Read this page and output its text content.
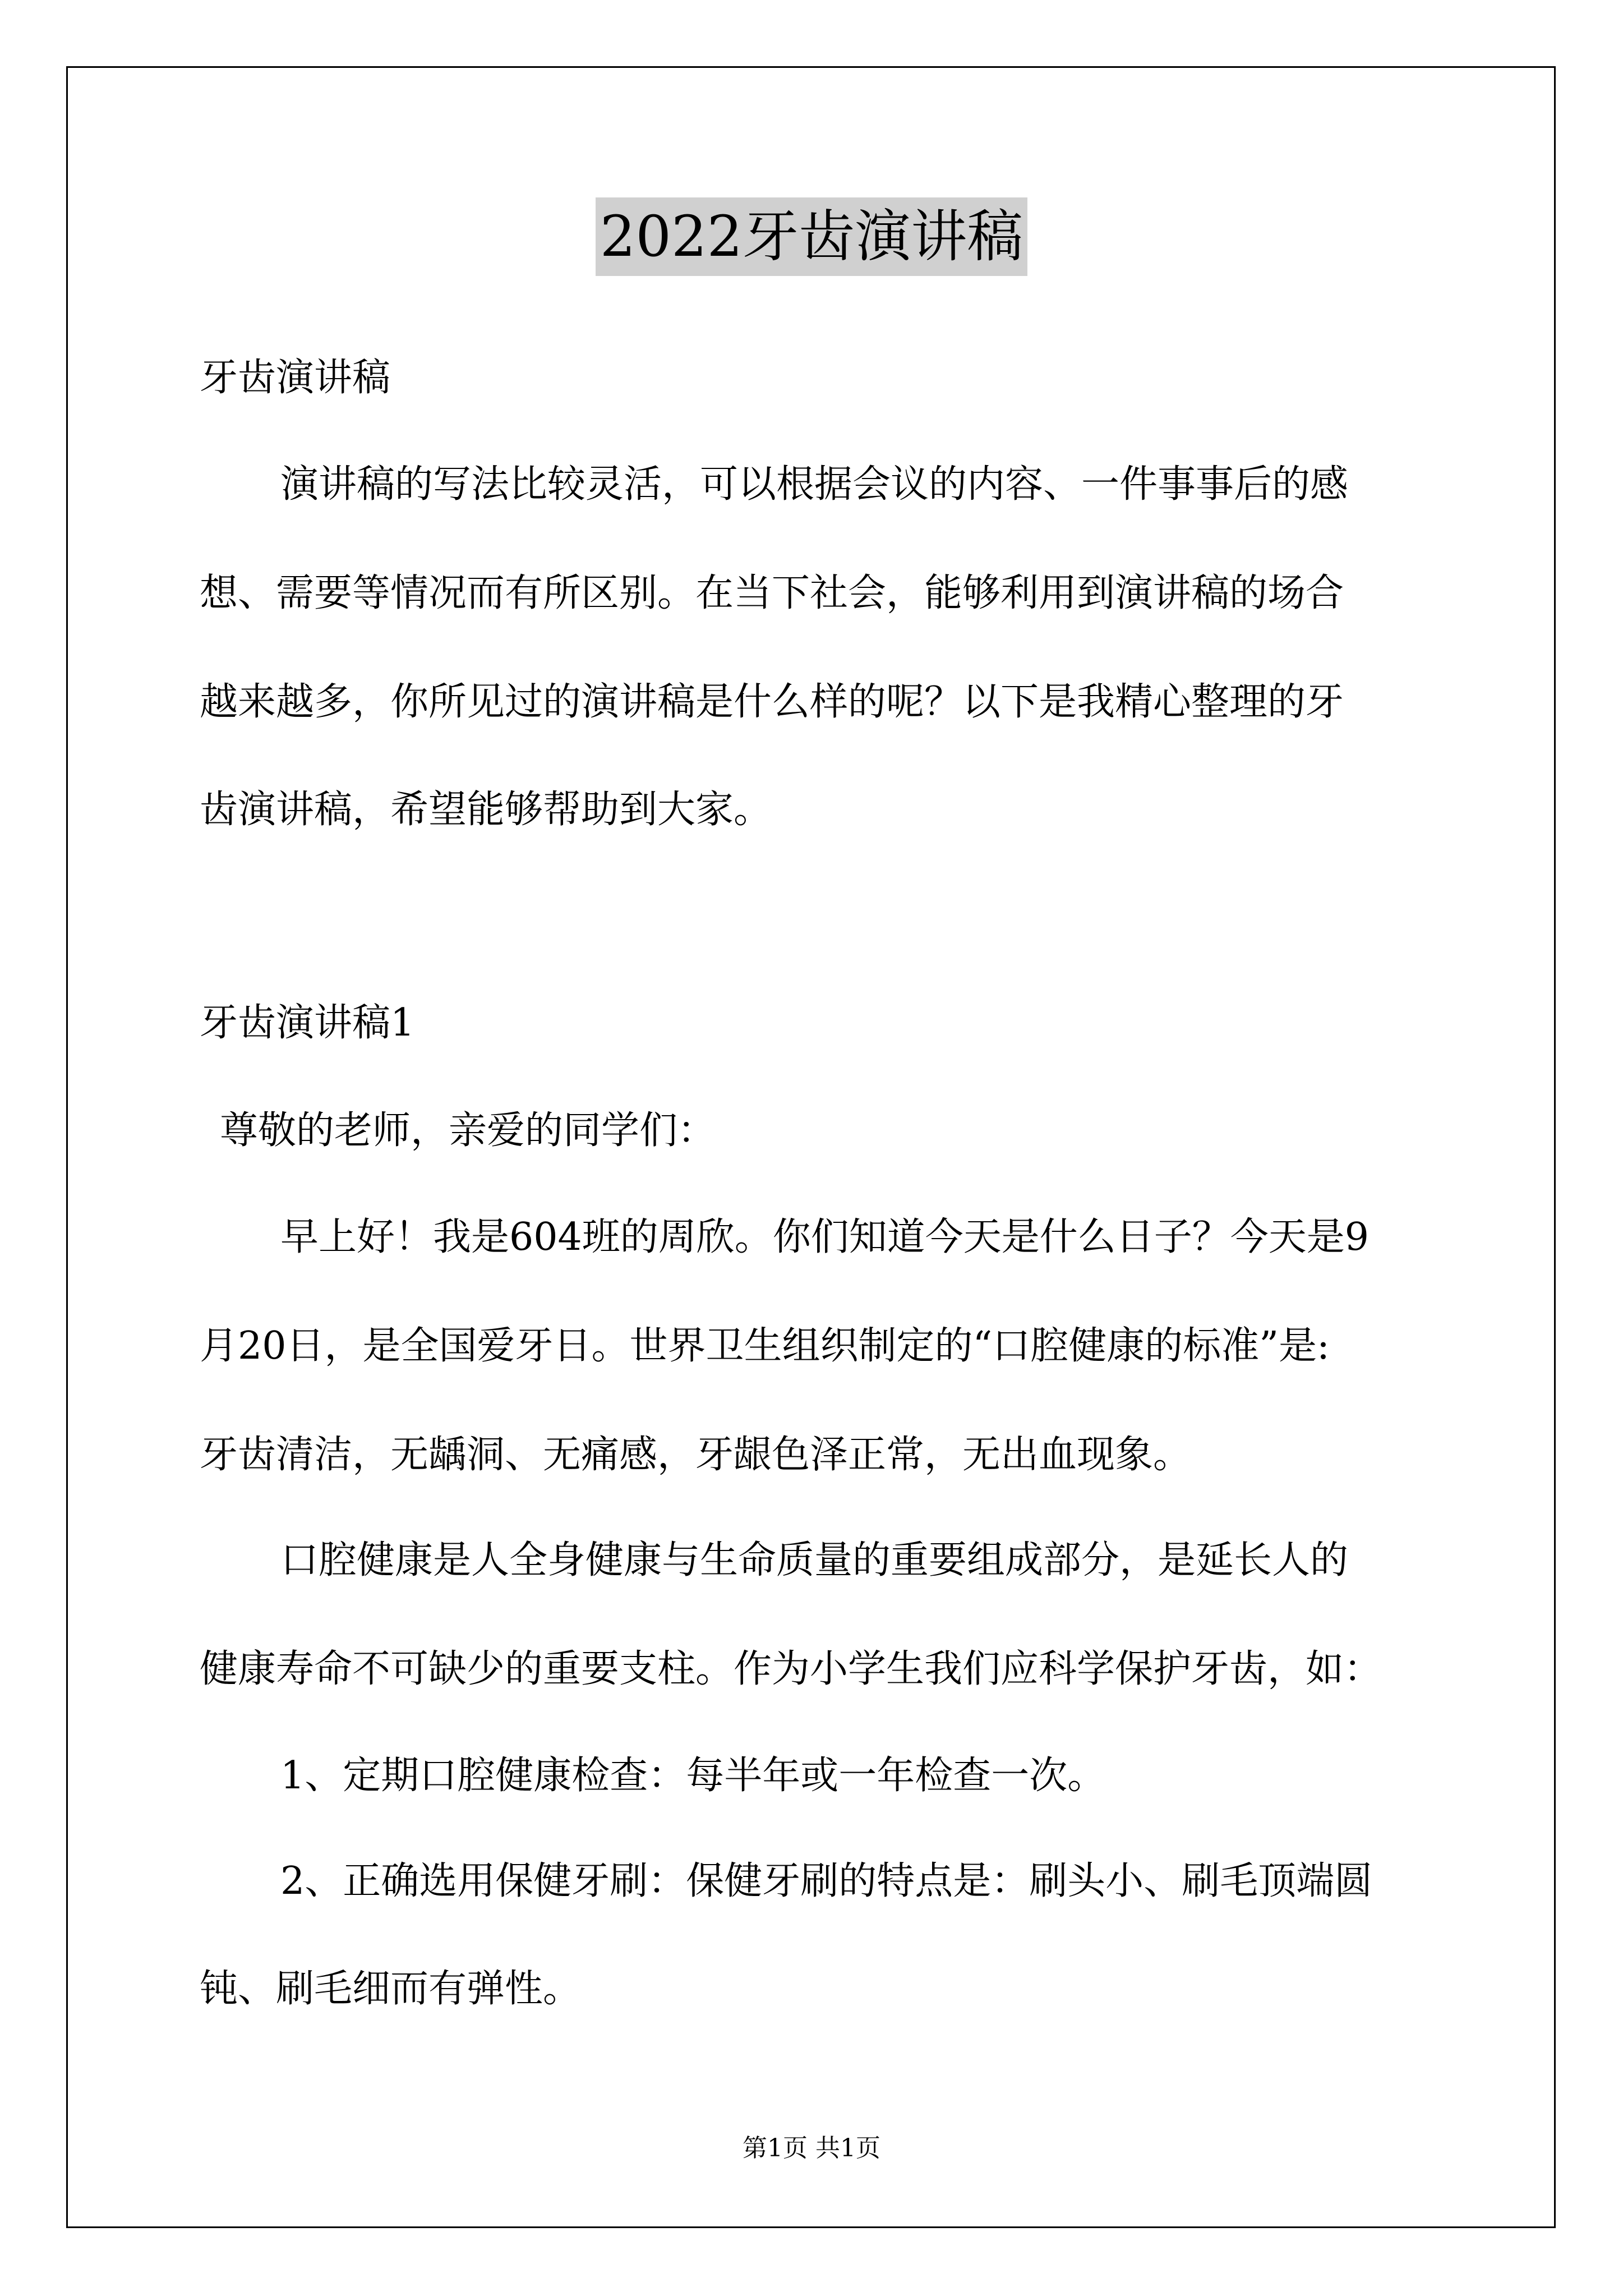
2022牙齿演讲稿
牙齿演讲稿
演讲稿的写法比较灵活，可以根据会议的内容、一件事事后的感
想、需要等情况而有所区别。在当下社会，能够利用到演讲稿的场合
越来越多，你所见过的演讲稿是什么样的呢？以下是我精心整理的牙
齿演讲稿，希望能够帮助到大家。
牙齿演讲稿1
尊敬的老师，亲爱的同学们：
早上好！我是604班的周欣。你们知道今天是什么日子？今天是9
月20日，是全国爱牙日。世界卫生组织制定的“口腔健康的标准”是:
牙齿清洁，无龋洞、无痛感，牙龈色泽正常，无出血现象。
口腔健康是人全身健康与生命质量的重要组成部分，是延长人的
健康寿命不可缺少的重要支柱。作为小学生我们应科学保护牙齿，如：
1、定期口腔健康检查：每半年或一年检查一次。
2、正确选用保健牙刷：保健牙刷的特点是：刷头小、刷毛顶端圆
钝、刷毛细而有弹性。
第1页 共1页
